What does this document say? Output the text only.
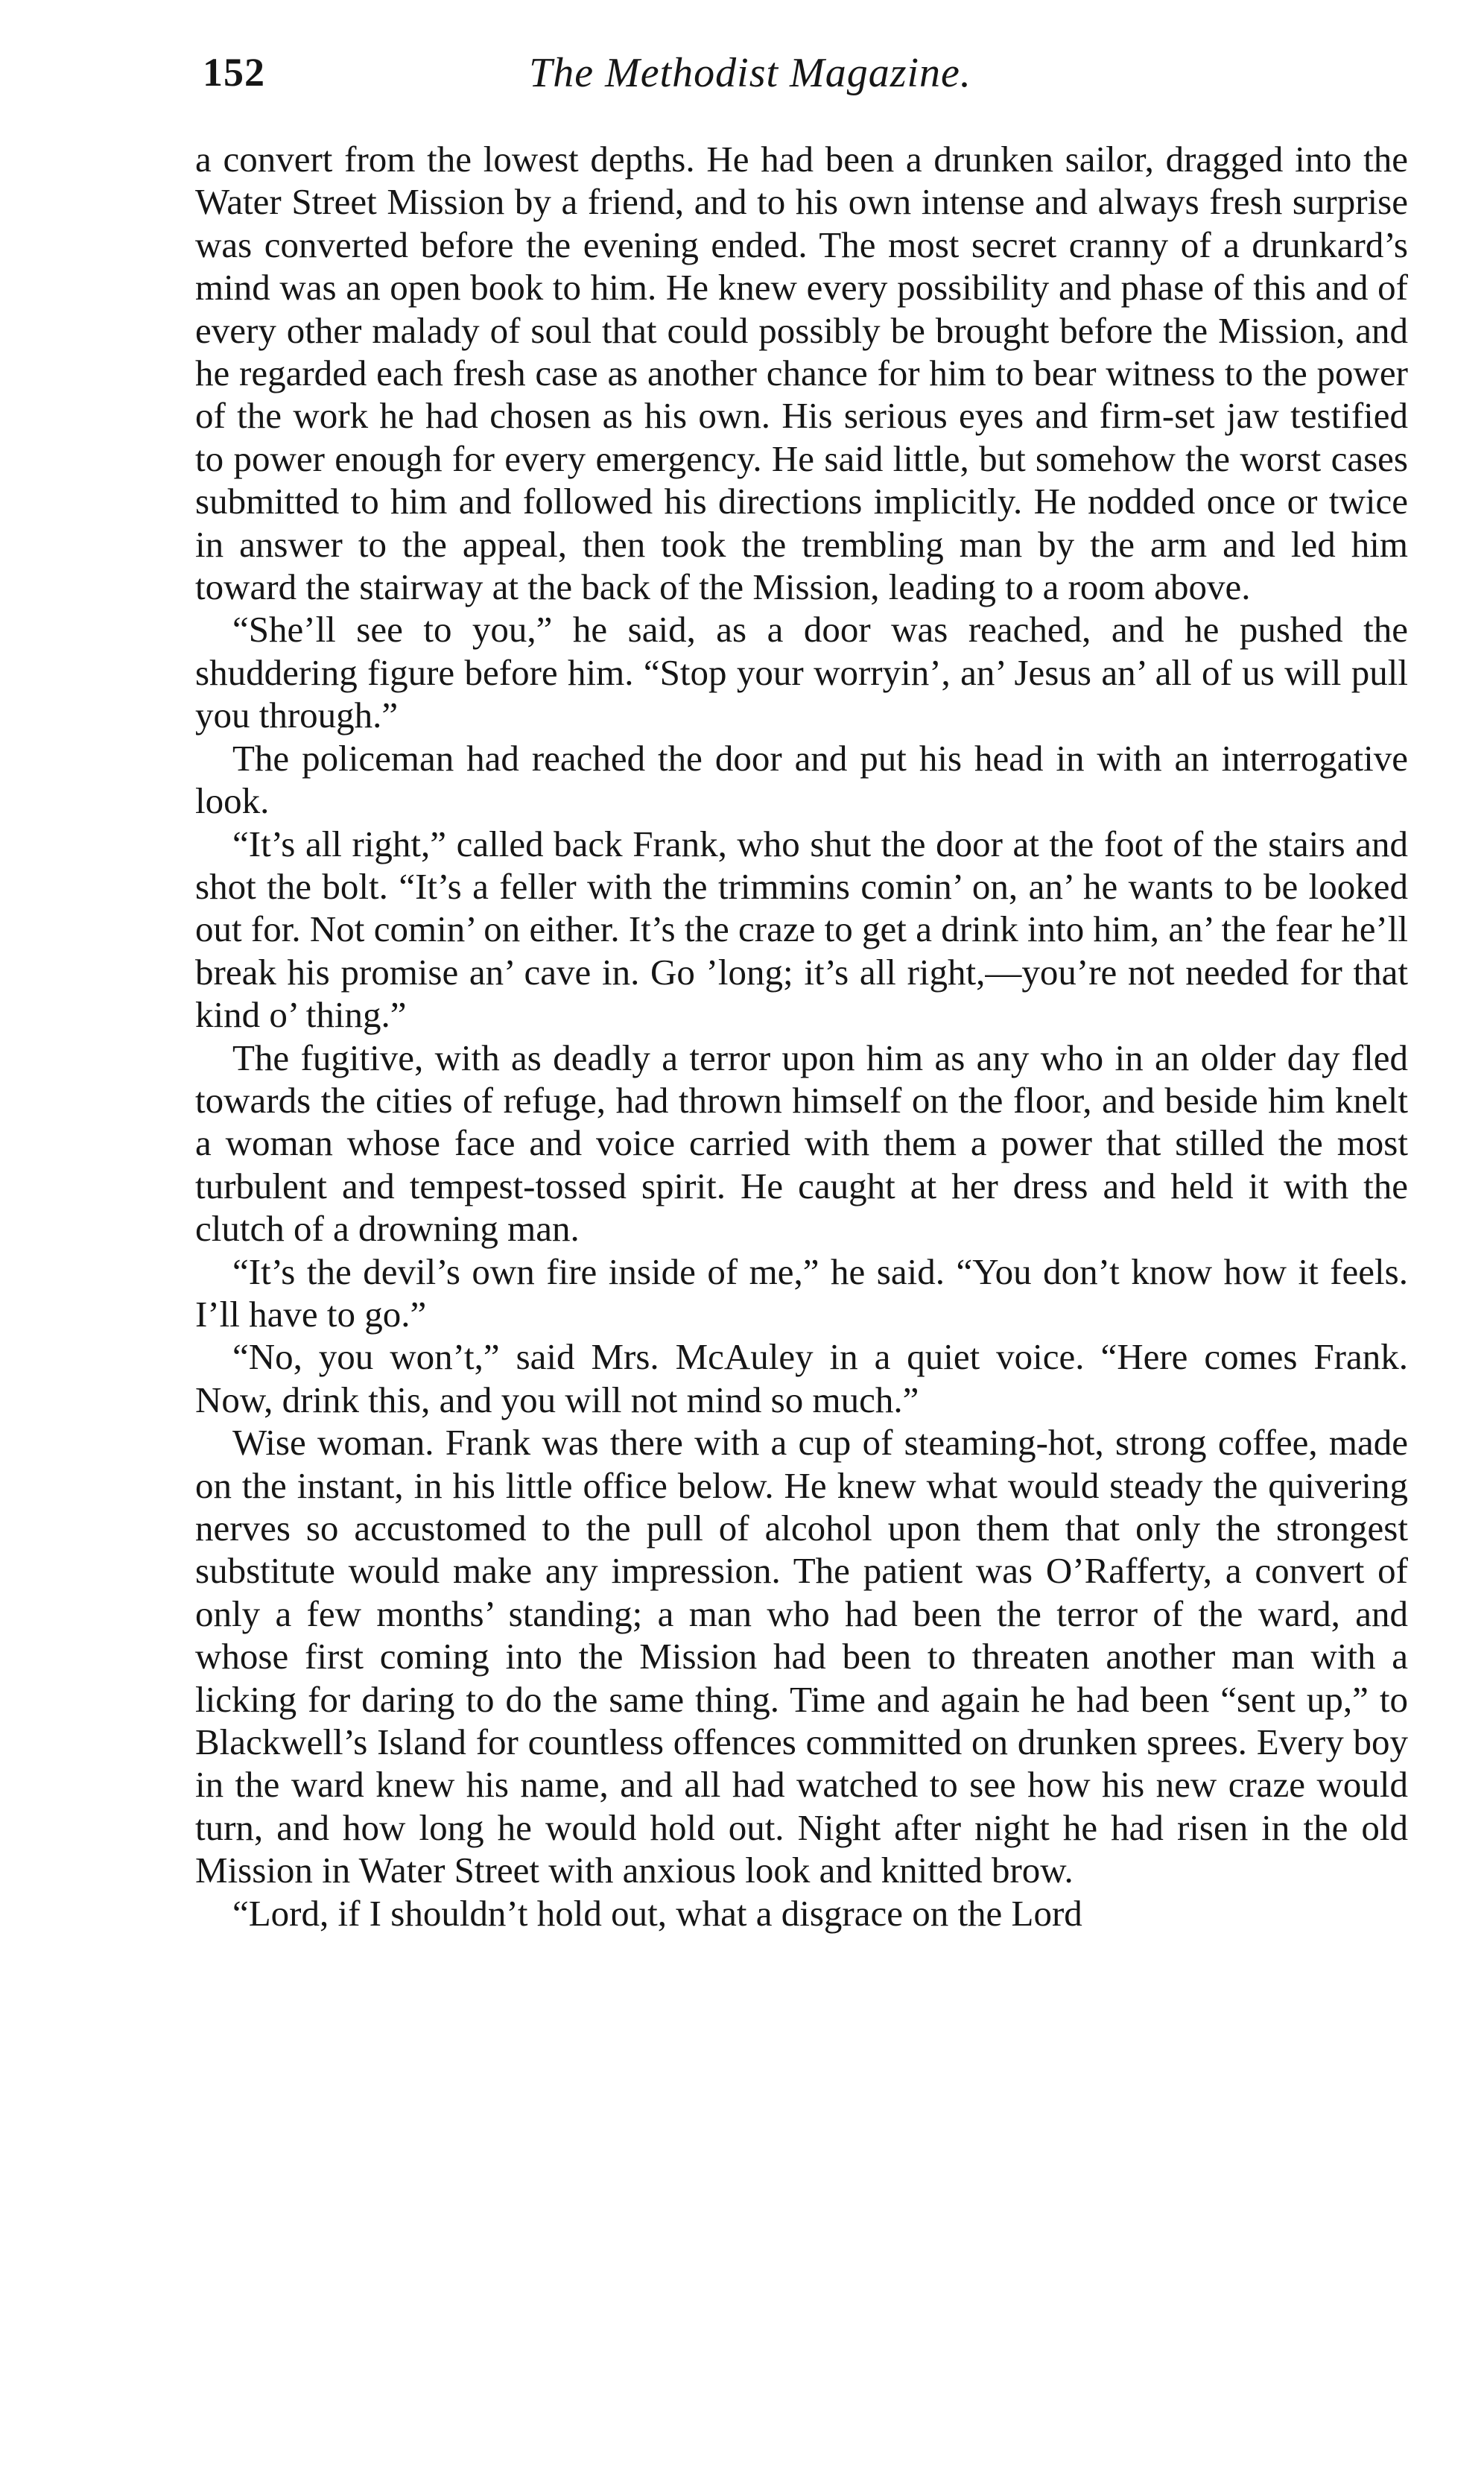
152	The Methodist Magazine.

a convert from the lowest depths. He had been a drunken sailor, dragged into the Water Street Mission by a friend, and to his own intense and always fresh surprise was converted before the evening ended. The most secret cranny of a drunkard’s mind was an open book to him. He knew every possibility and phase of this and of every other malady of soul that could possibly be brought before the Mission, and he regarded each fresh case as another chance for him to bear witness to the power of the work he had chosen as his own. His serious eyes and firm-set jaw testified to power enough for every emergency. He said little, but somehow the worst cases submitted to him and followed his directions implicitly. He nodded once or twice in answer to the appeal, then took the trembling man by the arm and led him toward the stairway at the back of the Mission, leading to a room above.

“She’ll see to you,” he said, as a door was reached, and he pushed the shuddering figure before him. “Stop your worryin’, an’ Jesus an’ all of us will pull you through.”

The policeman had reached the door and put his head in with an interrogative look.

“It’s all right,” called back Frank, who shut the door at the foot of the stairs and shot the bolt. “It’s a feller with the trimmins comin’ on, an’ he wants to be looked out for. Not comin’ on either. It’s the craze to get a drink into him, an’ the fear he’ll break his promise an’ cave in. Go ’long; it’s all right,—you’re not needed for that kind o’ thing.”

The fugitive, with as deadly a terror upon him as any who in an older day fled towards the cities of refuge, had thrown himself on the floor, and beside him knelt a woman whose face and voice carried with them a power that stilled the most turbulent and tempest-tossed spirit. He caught at her dress and held it with the clutch of a drowning man.

“It’s the devil’s own fire inside of me,” he said. “You don’t know how it feels. I’ll have to go.”

“No, you won’t,” said Mrs. McAuley in a quiet voice. “Here comes Frank. Now, drink this, and you will not mind so much.”

Wise woman. Frank was there with a cup of steaming-hot, strong coffee, made on the instant, in his little office below. He knew what would steady the quivering nerves so accustomed to the pull of alcohol upon them that only the strongest substitute would make any impression. The patient was O’Rafferty, a convert of only a few months’ standing; a man who had been the terror of the ward, and whose first coming into the Mission had been to threaten another man with a licking for daring to do the same thing. Time and again he had been “sent up,” to Blackwell’s Island for countless offences committed on drunken sprees. Every boy in the ward knew his name, and all had watched to see how his new craze would turn, and how long he would hold out. Night after night he had risen in the old Mission in Water Street with anxious look and knitted brow.

“Lord, if I shouldn’t hold out, what a disgrace on the Lord
